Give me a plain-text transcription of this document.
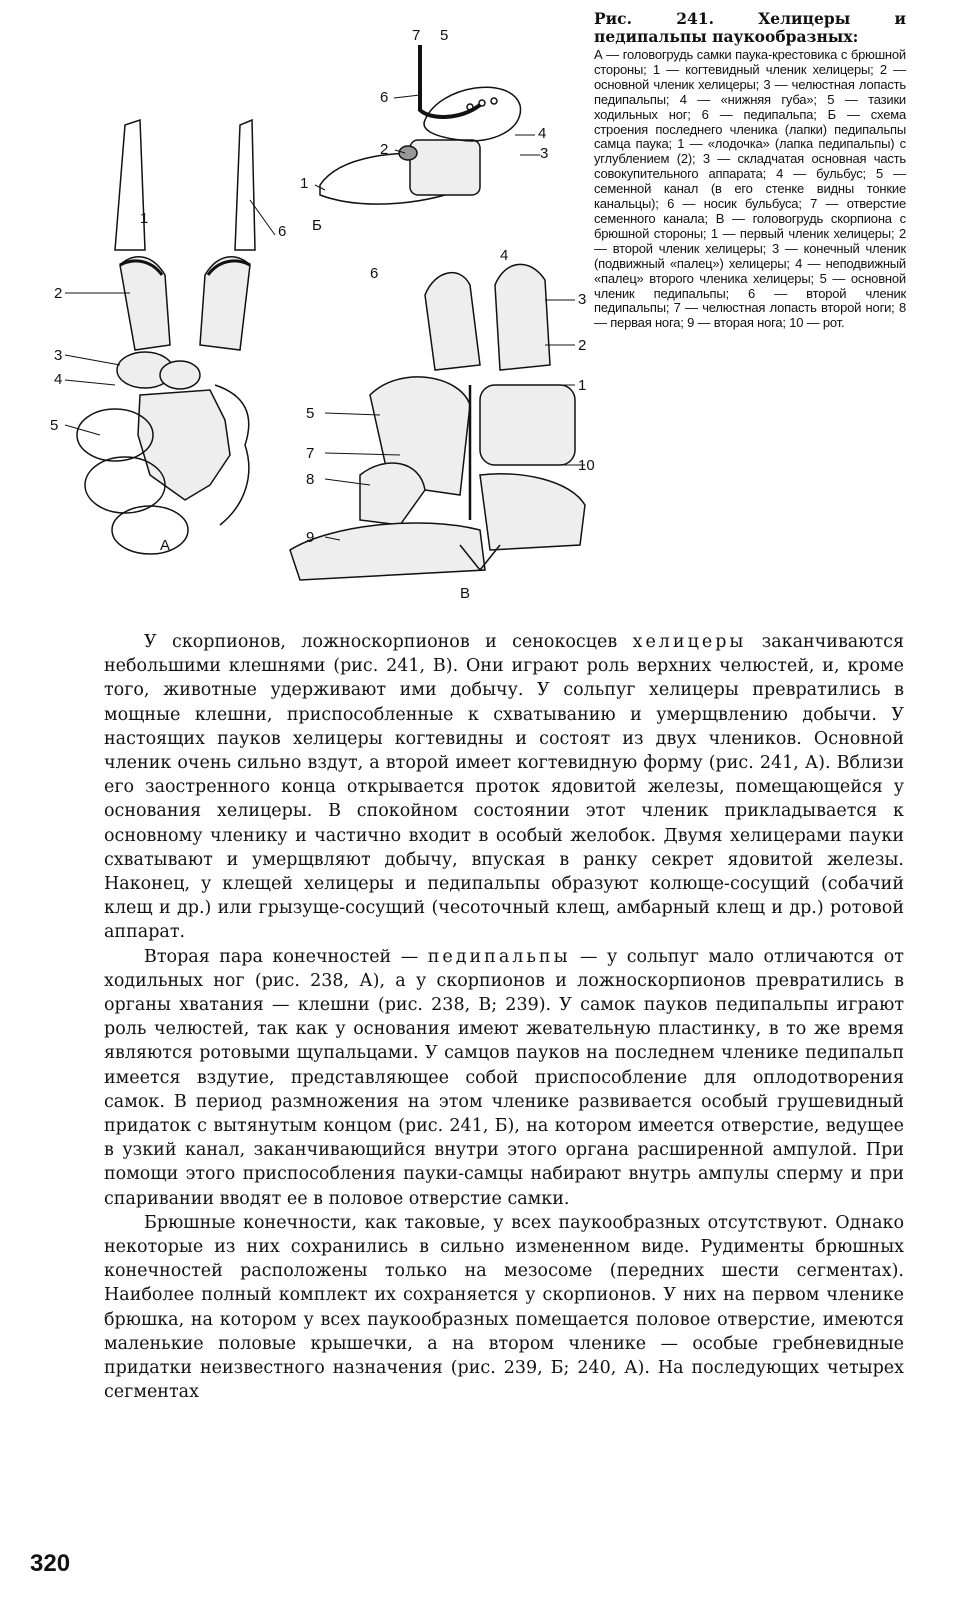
1
2
3
4
5
6
А
7 5
6
2
4
3
1
Б
6
4
3
2
1
5
7
8
9
10
В
Рис. 241. Хелицеры и педипальпы паукообразных:
А — головогрудь самки паука-крестовика с брюшной стороны; 1 — когтевидный членик хелицеры; 2 — основной членик хелицеры; 3 — челюстная лопасть педипальпы; 4 — «нижняя губа»; 5 — тазики ходильных ног; 6 — педипальпа; Б — схема строения последнего членика (лапки) педипальпы самца паука; 1 — «лодочка» (лапка педипальпы) с углублением (2); 3 — складчатая основная часть совокупительного аппарата; 4 — бульбус; 5 — семенной канал (в его стенке видны тонкие канальцы); 6 — носик бульбуса; 7 — отверстие семенного канала; В — головогрудь скорпиона с брюшной стороны; 1 — первый членик хелицеры; 2 — второй членик хелицеры; 3 — конечный членик (подвижный «палец») хелицеры; 4 — неподвижный «палец» второго членика хелицеры; 5 — основной членик педипальпы; 6 — второй членик педипальпы; 7 — челюстная лопасть второй ноги; 8 — первая нога; 9 — вторая нога; 10 — рот.

У скорпионов, ложноскорпионов и сенокосцев хелицеры заканчиваются небольшими клешнями (рис. 241, В). Они играют роль верхних челюстей, и, кроме того, животные удерживают ими добычу. У сольпуг хелицеры превратились в мощные клешни, приспособленные к схватыванию и умерщвлению добычи. У настоящих пауков хелицеры когтевидны и состоят из двух члеников. Основной членик очень сильно вздут, а второй имеет когтевидную форму (рис. 241, А). Вблизи его заостренного конца открывается проток ядовитой железы, помещающейся у основания хелицеры. В спокойном состоянии этот членик прикладывается к основному членику и частично входит в особый желобок. Двумя хелицерами пауки схватывают и умерщвляют добычу, впуская в ранку секрет ядовитой железы. Наконец, у клещей хелицеры и педипальпы образуют колюще-сосущий (собачий клещ и др.) или грызуще-сосущий (чесоточный клещ, амбарный клещ и др.) ротовой аппарат.

Вторая пара конечностей — педипальпы — у сольпуг мало отличаются от ходильных ног (рис. 238, А), а у скорпионов и ложноскорпионов превратились в органы хватания — клешни (рис. 238, В; 239). У самок пауков педипальпы играют роль челюстей, так как у основания имеют жевательную пластинку, в то же время являются ротовыми щупальцами. У самцов пауков на последнем членике педипальп имеется вздутие, представляющее собой приспособление для оплодотворения самок. В период размножения на этом членике развивается особый грушевидный придаток с вытянутым концом (рис. 241, Б), на котором имеется отверстие, ведущее в узкий канал, заканчивающийся внутри этого органа расширенной ампулой. При помощи этого приспособления пауки-самцы набирают внутрь ампулы сперму и при спаривании вводят ее в половое отверстие самки.

Брюшные конечности, как таковые, у всех паукообразных отсутствуют. Однако некоторые из них сохранились в сильно измененном виде. Рудименты брюшных конечностей расположены только на мезосоме (передних шести сегментах). Наиболее полный комплект их сохраняется у скорпионов. У них на первом членике брюшка, на котором у всех паукообразных помещается половое отверстие, имеются маленькие половые крышечки, а на втором членике — особые гребневидные придатки неизвестного назначения (рис. 239, Б; 240, А). На последующих четырех сегментах

320
